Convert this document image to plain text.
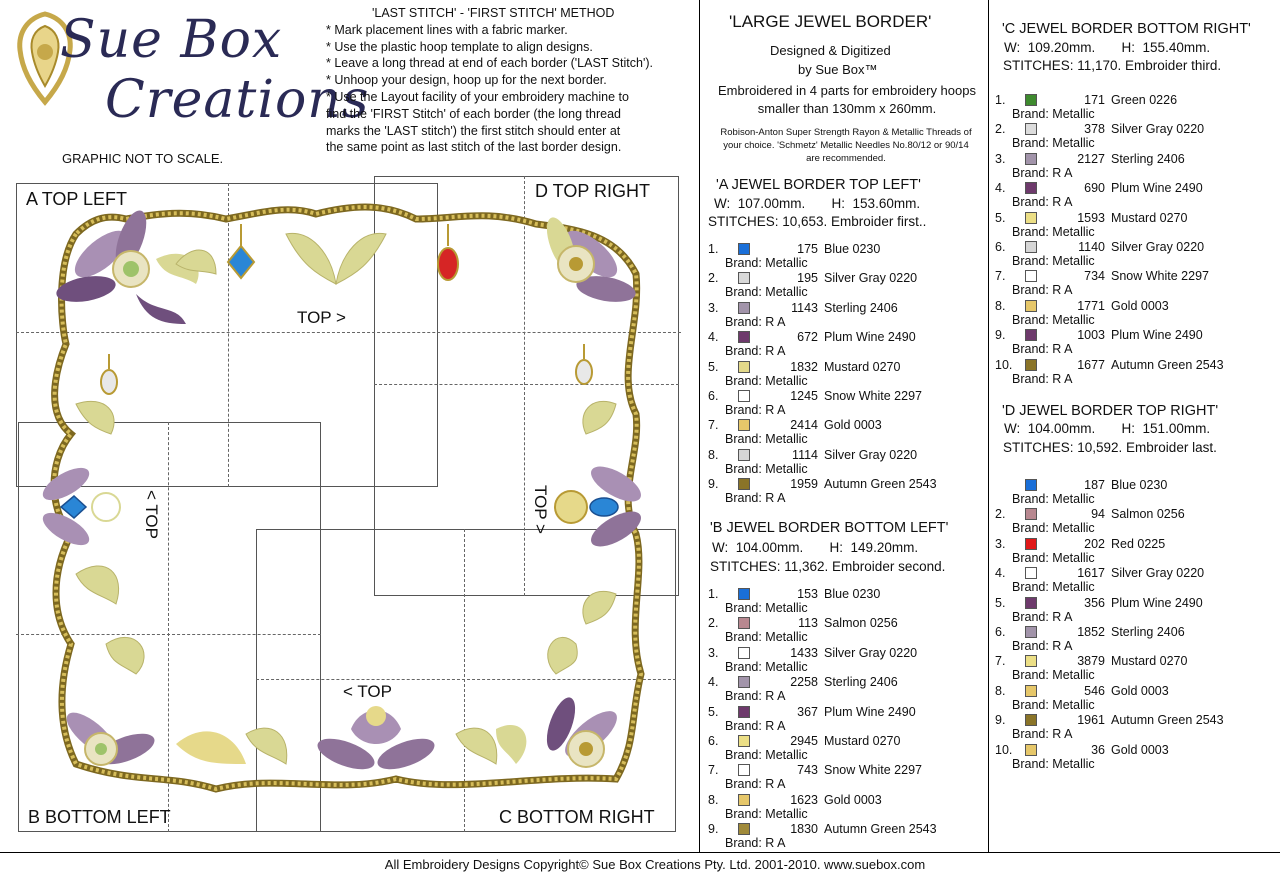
Sue Box
Creations
GRAPHIC NOT TO SCALE.
'LAST STITCH' - 'FIRST STITCH' METHOD
* Mark placement lines with a fabric marker.
* Use the plastic hoop template to align designs.
* Leave a long thread at end of each border ('LAST Stitch').
* Unhoop your design, hoop up for the next border.
* Use the Layout facility of your embroidery machine to
find the 'FIRST Stitch' of each border (the long thread
marks the 'LAST stitch') the first stitch should enter at
the same point as last stitch of the last border design.
A TOP LEFT	D TOP RIGHT
B BOTTOM LEFT	C BOTTOM RIGHT
TOP >
< TOP
< TOP	TOP >
'LARGE JEWEL BORDER'
Designed & Digitized
by Sue Box™
Embroidered in 4 parts for embroidery hoops smaller than 130mm x 260mm.
Robison-Anton Super Strength Rayon & Metallic Threads of your choice. 'Schmetz' Metallic Needles No.80/12 or 90/14 are recommended.
'A JEWEL BORDER TOP LEFT'
W:  107.00mm.       H:  153.60mm.
STITCHES: 10,653. Embroider first..
1.	175 Blue 0230
Brand: Metallic
2.	195 Silver Gray 0220
Brand: Metallic
3.	1143 Sterling 2406
Brand: R A
4.	672 Plum Wine 2490
Brand: R A
5.	1832 Mustard 0270
Brand: Metallic
6.	1245 Snow White 2297
Brand: R A
7.	2414 Gold 0003
Brand: Metallic
8.	1114 Silver Gray 0220
Brand: Metallic
9.	1959 Autumn Green 2543
Brand: R A
'B JEWEL BORDER BOTTOM LEFT'
W:  104.00mm.       H:  149.20mm.
STITCHES: 11,362. Embroider second.
1.	153 Blue 0230
Brand: Metallic
2.	113 Salmon 0256
Brand: Metallic
3.	1433 Silver Gray 0220
Brand: Metallic
4.	2258 Sterling 2406
Brand: R A
5.	367 Plum Wine 2490
Brand: R A
6.	2945 Mustard 0270
Brand: Metallic
7.	743 Snow White 2297
Brand: R A
8.	1623 Gold 0003
Brand: Metallic
9.	1830 Autumn Green 2543
Brand: R A
'C JEWEL BORDER BOTTOM RIGHT'
W:  109.20mm.       H:  155.40mm.
STITCHES: 11,170. Embroider third.
1.	171 Green 0226
Brand: Metallic
2.	378 Silver Gray 0220
Brand: Metallic
3.	2127 Sterling 2406
Brand: R A
4.	690 Plum Wine 2490
Brand: R A
5.	1593 Mustard 0270
Brand: Metallic
6.	1140 Silver Gray 0220
Brand: Metallic
7.	734 Snow White 2297
Brand: R A
8.	1771 Gold 0003
Brand: Metallic
9.	1003 Plum Wine 2490
Brand: R A
10.	1677 Autumn Green 2543
Brand: R A
'D JEWEL BORDER TOP RIGHT'
W:  104.00mm.       H:  151.00mm.
STITCHES: 10,592. Embroider last.
187 Blue 0230
Brand: Metallic
2.	94 Salmon 0256
Brand: Metallic
3.	202 Red 0225
Brand: Metallic
4.	1617 Silver Gray 0220
Brand: Metallic
5.	356 Plum Wine 2490
Brand: R A
6.	1852 Sterling 2406
Brand: R A
7.	3879 Mustard 0270
Brand: Metallic
8.	546 Gold 0003
Brand: Metallic
9.	1961 Autumn Green 2543
Brand: R A
10.	36 Gold 0003
Brand: Metallic
All Embroidery Designs Copyright© Sue Box Creations Pty. Ltd. 2001-2010. www.suebox.com
